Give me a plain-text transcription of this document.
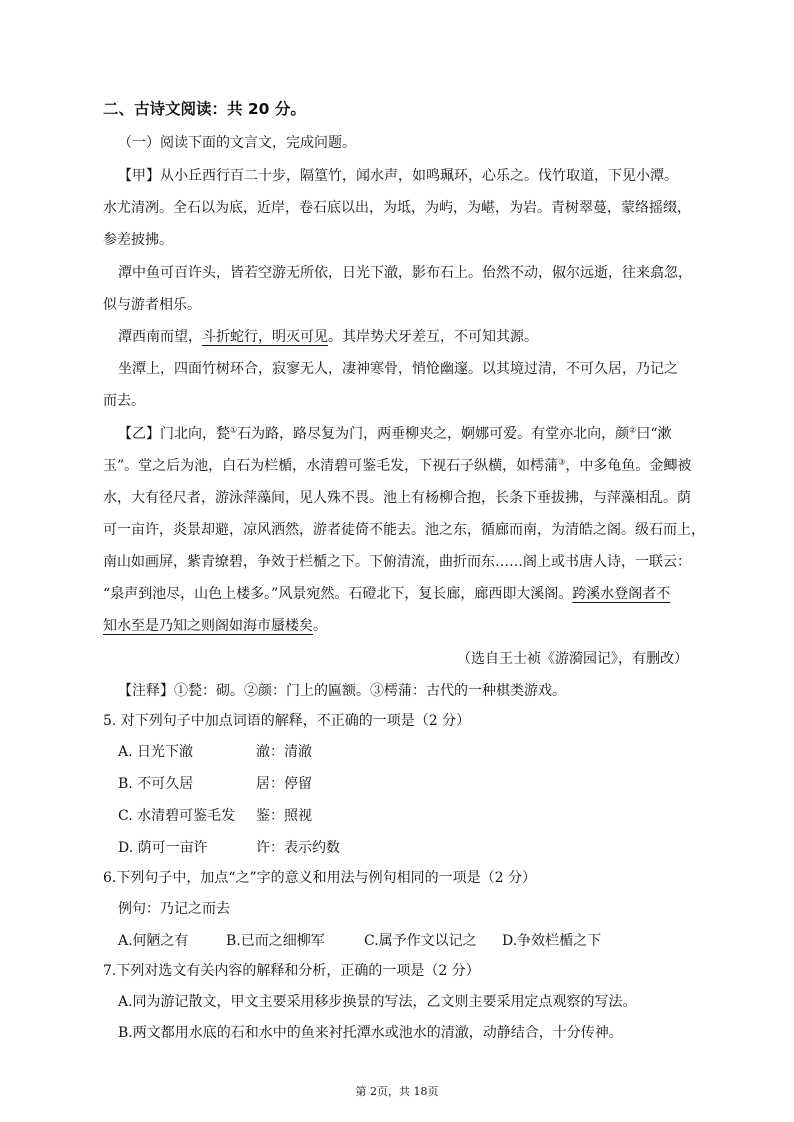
二、古诗文阅读：共 20 分。
（一）阅读下面的文言文，完成问题。
【甲】从小丘西行百二十步，隔篁竹，闻水声，如鸣珮环，心乐之。伐竹取道，下见小潭。
水尤清冽。全石以为底，近岸，卷石底以出，为坻，为屿，为嵁，为岩。青树翠蔓，蒙络摇缀，
参差披拂。
潭中鱼可百许头，皆若空游无所依，日光下澈，影布石上。佁然不动，俶尔远逝，往来翕忽，
似与游者相乐。
潭西南而望，斗折蛇行，明灭可见。其岸势犬牙差互，不可知其源。
坐潭上，四面竹树环合，寂寥无人，凄神寒骨，悄怆幽邃。以其境过清，不可久居，乃记之
而去。
【乙】门北向，甃①石为路，路尽复为门，两垂柳夹之，婀娜可爱。有堂亦北向，颜②曰“漱
玉”。堂之后为池，白石为栏楯，水清碧可鉴毛发，下视石子纵横，如樗蒲③，中多龟鱼。金鲫被
水，大有径尺者，游泳萍藻间，见人殊不畏。池上有杨柳合抱，长条下垂拔拂，与萍藻相乱。荫
可一亩许，炎景却避，凉风洒然，游者徒倚不能去。池之东，循廊而南，为清皓之阁。级石而上，
南山如画屏，紫青缭碧，争效于栏楯之下。下俯清流，曲折而东……阁上或书唐人诗，一联云：
“泉声到池尽，山色上楼多。”风景宛然。石磴北下，复长廊，廊西即大溪阁。跨溪水登阁者不
知水至是乃知之则阁如海市蜃楼矣。
（选自王士祯《游漪园记》，有删改）
【注释】①甃：砌。②颜：门上的匾额。③樗蒲：古代的一种棋类游戏。
5. 对下列句子中加点词语的解释，不正确的一项是（2 分）
A. 日光下澈	澈：清澈
B. 不可久居	居：停留
C. 水清碧可鉴毛发 鉴：照视
D. 荫可一亩许	许：表示约数
6.下列句子中，加点“之”字的意义和用法与例句相同的一项是（2 分）
例句：乃记之而去
A.何陋之有	B.已而之细柳军	C.属予作文以记之 D.争效栏楯之下
7.下列对选文有关内容的解释和分析，正确的一项是（2 分）
A.同为游记散文，甲文主要采用移步换景的写法，乙文则主要采用定点观察的写法。
B.两文都用水底的石和水中的鱼来衬托潭水或池水的清澈，动静结合，十分传神。
第 2页，共 18页
